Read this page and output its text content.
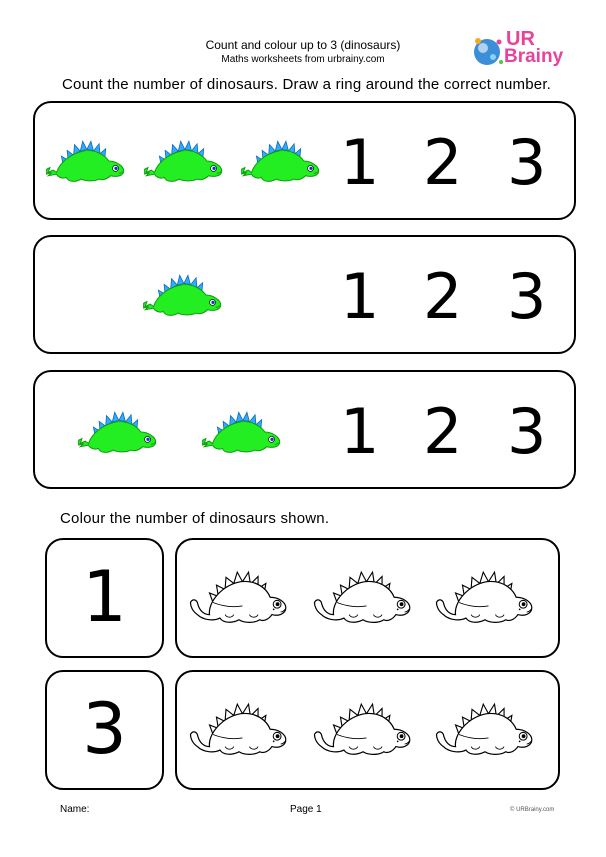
Count and colour up to 3 (dinosaurs)
Maths worksheets from urbrainy.com
UR
Brainy
Count the number of dinosaurs. Draw a ring around the correct number.
1 2 3
1 2 3
1 2 3
Colour the number of dinosaurs shown.
1
3
Name:	Page 1	© URBrainy.com
